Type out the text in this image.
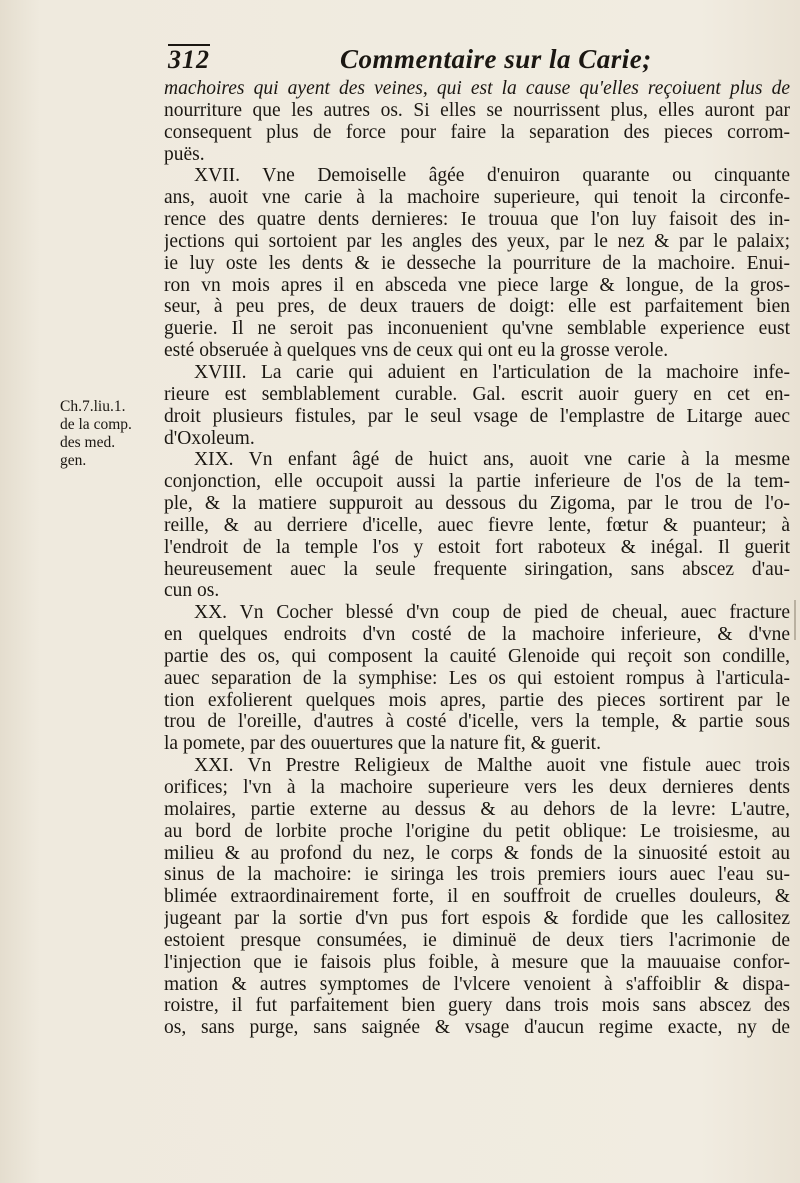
312	Commentaire sur la Carie;
Ch.7.liu.1.
de la comp.
des med.
gen.
machoires qui ayent des veines, qui est la cause qu'elles reçoiuent plus de
nourriture que les autres os. Si elles se nourrissent plus, elles auront par
consequent plus de force pour faire la separation des pieces corrom-
puës.
XVII. Vne Demoiselle âgée d'enuiron quarante ou cinquante
ans, auoit vne carie à la machoire superieure, qui tenoit la circonfe-
rence des quatre dents dernieres: Ie trouua que l'on luy faisoit des in-
jections qui sortoient par les angles des yeux, par le nez & par le palaix;
ie luy oste les dents & ie desseche la pourriture de la machoire. Enui-
ron vn mois apres il en abscedа vne piece large & longue, de la gros-
seur, à peu pres, de deux trauers de doigt: elle est parfaitement bien
guerie. Il ne seroit pas inconuenient qu'vne semblable experience eust
esté obseruée à quelques vns de ceux qui ont eu la grosse verole.
XVIII. La carie qui aduient en l'articulation de la machoire infe-
rieure est semblablement curable. Gal. escrit auoir guery en cet en-
droit plusieurs fistules, par le seul vsage de l'emplastre de Litarge auec
d'Oxoleum.
XIX. Vn enfant âgé de huict ans, auoit vne carie à la mesme
conjonction, elle occupoit aussi la partie inferieure de l'os de la tem-
ple, & la matiere suppuroit au dessous du Zigoma, par le trou de l'o-
reille, & au derriere d'icelle, auec fievre lente, fœtur & puanteur; à
l'endroit de la temple l'os y estoit fort raboteux & inégal. Il guerit
heureusement auec la seule frequente siringation, sans abscez d'au-
cun os.
XX. Vn Cocher blessé d'vn coup de pied de cheual, auec fracture
en quelques endroits d'vn costé de la machoire inferieure, & d'vne
partie des os, qui composent la cauité Glenoide qui reçoit son condille,
auec separation de la symphise: Les os qui estoient rompus à l'articula-
tion exfolierent quelques mois apres, partie des pieces sortirent par le
trou de l'oreille, d'autres à costé d'icelle, vers la temple, & partie sous
la pomete, par des ouuertures que la nature fit, & guerit.
XXI. Vn Prestre Religieux de Malthe auoit vne fistule auec trois
orifices; l'vn à la machoire superieure vers les deux dernieres dents
molaires, partie externe au dessus & au dehors de la levre: L'autre,
au bord de lorbite proche l'origine du petit oblique: Le troisiesme, au
milieu & au profond du nez, le corps & fonds de la sinuosité estoit au
sinus de la machoire: ie siringa les trois premiers iours auec l'eau su-
blimée extraordinairement forte, il en souffroit de cruelles douleurs, &
jugeant par la sortie d'vn pus fort espois & fordide que les callositez
estoient presque consumées, ie diminuë de deux tiers l'acrimonie de
l'injection que ie faisois plus foible, à mesure que la mauuaise confor-
mation & autres symptomes de l'vlcere venoient à s'affoiblir & dispa-
roistre, il fut parfaitement bien guery dans trois mois sans abscez des
os, sans purge, sans saignée & vsage d'aucun regime exacte, ny de
